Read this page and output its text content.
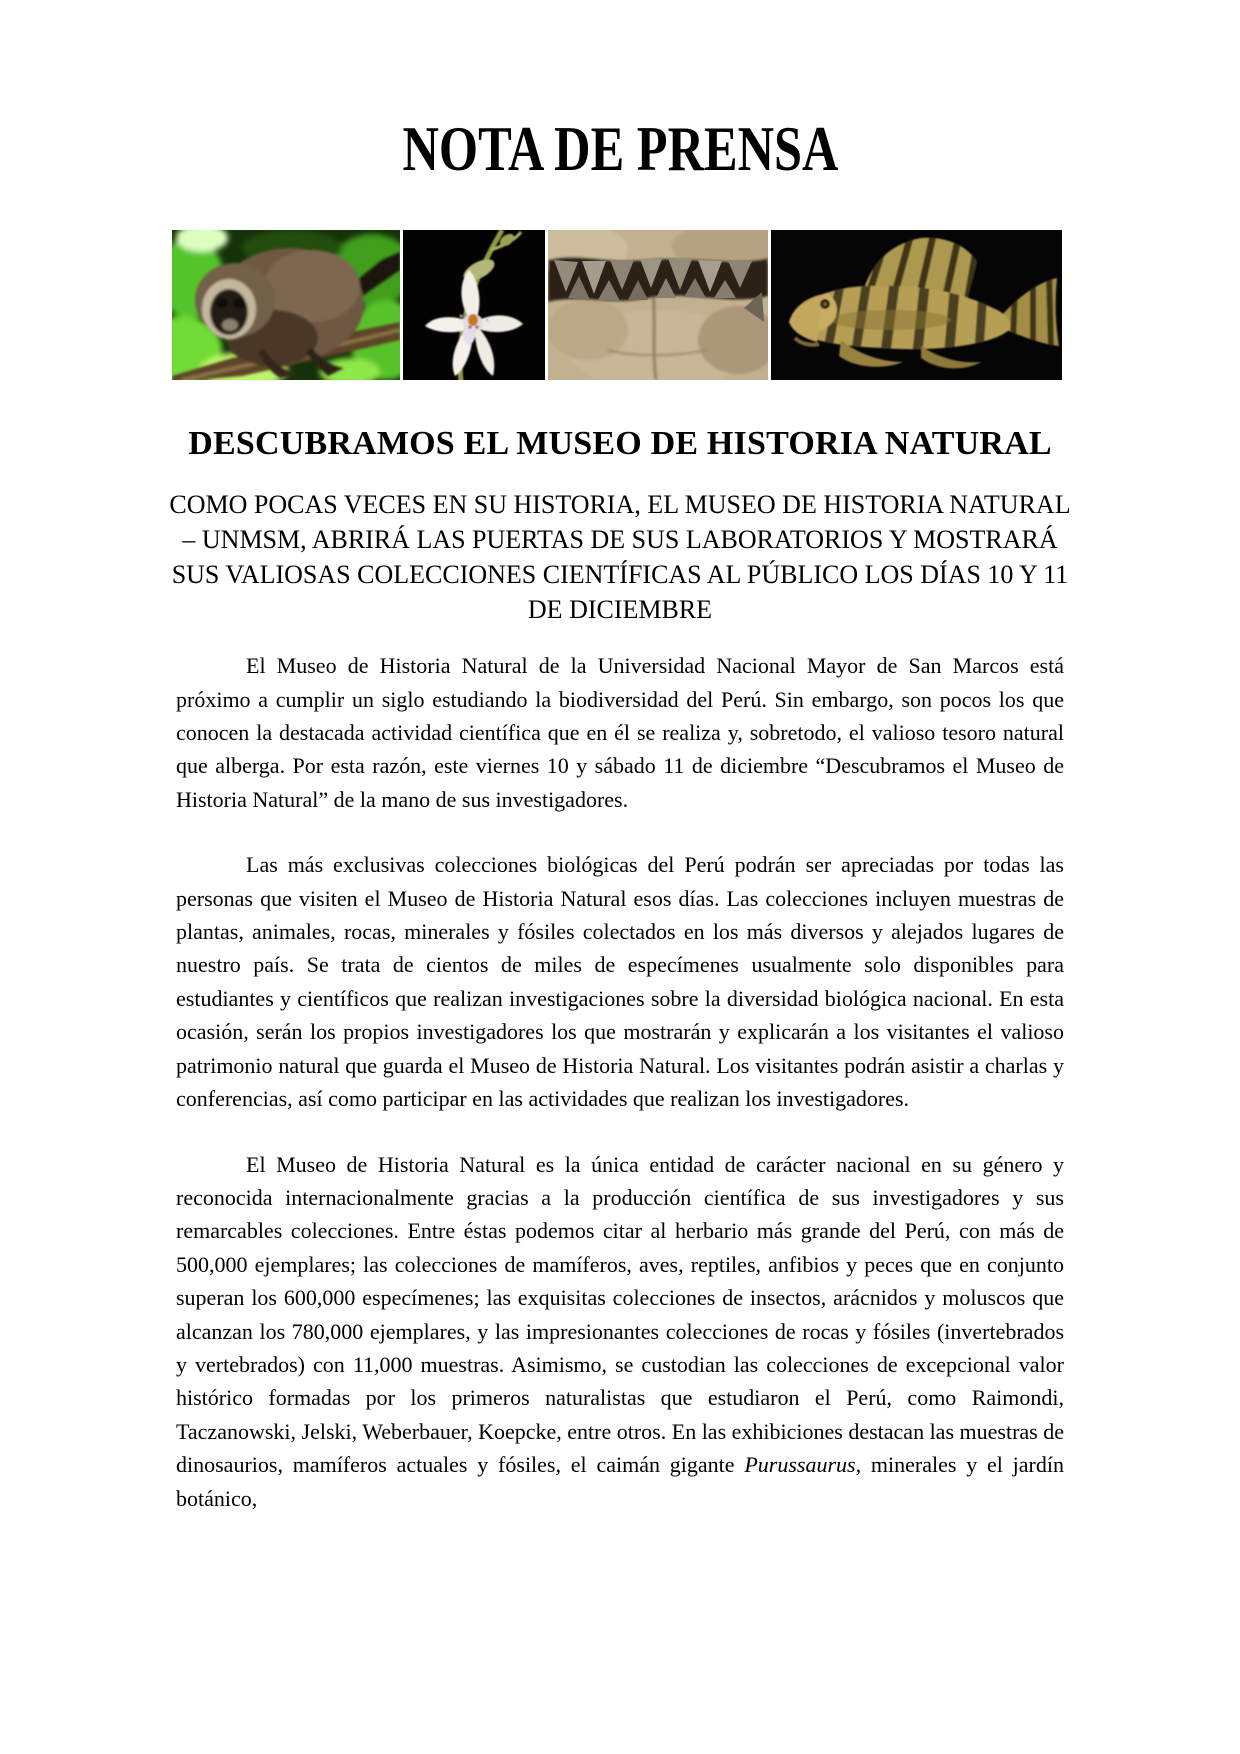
NOTA DE PRENSA
DESCUBRAMOS EL MUSEO DE HISTORIA NATURAL
COMO POCAS VECES EN SU HISTORIA, EL MUSEO DE HISTORIA NATURAL
– UNMSM, ABRIRÁ LAS PUERTAS DE SUS LABORATORIOS Y MOSTRARÁ
SUS VALIOSAS COLECCIONES CIENTÍFICAS AL PÚBLICO LOS DÍAS 10 Y 11
DE DICIEMBRE

El Museo de Historia Natural de la Universidad Nacional Mayor de San Marcos está próximo a cumplir un siglo estudiando la biodiversidad del Perú. Sin embargo, son pocos los que conocen la destacada actividad científica que en él se realiza y, sobretodo, el valioso tesoro natural que alberga. Por esta razón, este viernes 10 y sábado 11 de diciembre “Descubramos el Museo de Historia Natural” de la mano de sus investigadores.

Las más exclusivas colecciones biológicas del Perú podrán ser apreciadas por todas las personas que visiten el Museo de Historia Natural esos días. Las colecciones incluyen muestras de plantas, animales, rocas, minerales y fósiles colectados en los más diversos y alejados lugares de nuestro país. Se trata de cientos de miles de especímenes usualmente solo disponibles para estudiantes y científicos que realizan investigaciones sobre la diversidad biológica nacional. En esta ocasión, serán los propios investigadores los que mostrarán y explicarán a los visitantes el valioso patrimonio natural que guarda el Museo de Historia Natural. Los visitantes podrán asistir a charlas y conferencias, así como participar en las actividades que realizan los investigadores.

El Museo de Historia Natural es la única entidad de carácter nacional en su género y reconocida internacionalmente gracias a la producción científica de sus investigadores y sus remarcables colecciones. Entre éstas podemos citar al herbario más grande del Perú, con más de 500,000 ejemplares; las colecciones de mamíferos, aves, reptiles, anfibios y peces que en conjunto superan los 600,000 especímenes; las exquisitas colecciones de insectos, arácnidos y moluscos que alcanzan los 780,000 ejemplares, y las impresionantes colecciones de rocas y fósiles (invertebrados y vertebrados) con 11,000 muestras. Asimismo, se custodian las colecciones de excepcional valor histórico formadas por los primeros naturalistas que estudiaron el Perú, como Raimondi, Taczanowski, Jelski, Weberbauer, Koepcke, entre otros. En las exhibiciones destacan las muestras de dinosaurios, mamíferos actuales y fósiles, el caimán gigante Purussaurus, minerales y el jardín botánico,
